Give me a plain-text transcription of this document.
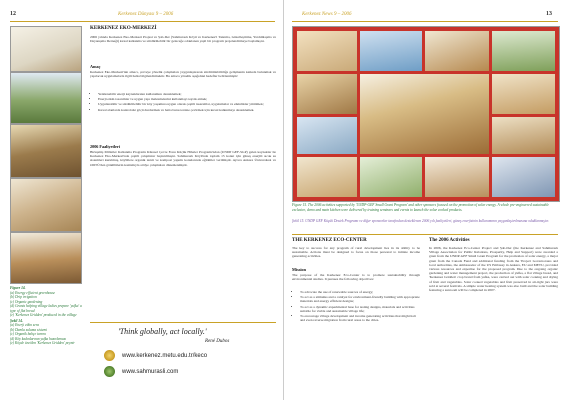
12	Kerkenez Dünyası 9 – 2006
Figure 14.
(a) Energy efficient greenhouse
(b) Drip irrigation
(c) Organic gardening
(d) Grants helping village ladies prepare 'yufka' a type of flat bread
(e) 'Kerkenez Gridden' produced in the village
Şekil 14.
(a) Enerji etkin sera
(b) Damla sulama sistemi
(c) Organik bahçe tarımı
(d) Köy kadınlarının yufka hazırlaması
(e) Köyde üretilen 'Kerkenez Gridden' peynir
KERKENEZ EKO-MERKEZİ
2006 yılında Kerkenez Eko-Merkezi Projesi ve Şab-Der (Sahmuraslı Köyü ve Kerkenez'i Tanıtma, Güzelleştirme, Yardımlaşma ve Dayanışma Derneği) kırsal kalkınma ve sürdürülebilir bir geleceğe odaklanan yeşil bir program projelendirmeye başlamıştır.
Amaç
Kerkenez Eko-Merkezi'nin amacı, çevreye yönelik çalışmaları yaygınlaştırarak sürdürülebilirliğe gelişmenin katkıda bulunmak ve yapılacak uygulamalarla ilgili halkı bilgilendirmektir. Bu amaca yönelik aşağıdaki hedefler belirlenmiştir:
• Yenilenebilir enerji kaynaklarının kullanımını desteklemek;
• Enerji etkin tasarımlar ve uygun yapı malzemelerini kullanmayı teşvik etmek;
• Uygulanabilir ve sürdürülebilir bir köy yaşamına uygun olarak çeşitli tasarımlar, uygulamalar ve etkinlikler yürütmek;
• Kırsal alanlarda kontrolsüz göçü durdurmak ve hatta bunu tersine çevirmek için kırsal kalkınmayı desteklemek.
2006 Faaliyetleri
Birleşmiş Milletler Kalkınma Programı Küresel Çevre Fonu Küçük Hibeler Programı'ndan (UNDP GEF-SGP) gelen kaynaklar ile Kerkenez Eko-Merkezi'nde çeşitli çalışmalar başlatılmıştır. Sahmuraslı Köyü'nde toplam 15 konut için güneş enerjili sıcak su sistemleri kurulmuş, köylülere organik tarım ve kompost yapımı konularında eğitimler verilmiştir. Ayrıca Ankara Üniversitesi ve ODTÜ'den gönüllülerin katılımıyla atölye çalışmaları düzenlenmiştir.
'Think globally, act locally.'
René Dubos
www.kerkenez.metu.edu.tr/keco
www.sahmurasli.com
Kerkenez News 9 – 2006	13
Figure 15. The 2006 activities supported by 'UNDP-GEF Small Grant Program' and other sponsors focused on the promotion of solar energy. A whole pre-engineered sustainable exclusive, demo and main kitchen were delivered by training seminars and events to launch the solar cooked products.
Şekil 15. UNDP GEF Küçük Destek Programı ve diğer sponsorlar tarafından desteklenen 2006 yılı faaliyetleri, güneş enerjisinin kullanımının yaygınlaştırılmasına odaklanmıştır.
THE KERKENEZ ECO-CENTER
The key to success for any program of rural development lies in its ability to be sustainable. Actions must be designed to focus on those personal to initiate income generating activities.
Mission
The purpose of the Kerkenez Eco-Center is to promote sustainability through environmental studies. It pursues the following objectives:
• To advocate the use of renewable sources of energy;
• To act as a stimulus and a catalyst for environment-friendly building with appropriate materials and energy efficient designs;
• To act as a dynamic experimental base for testing designs, materials and activities suitable for viable and sustainable village life;
• To encourage village development and income generating activities that might halt and even reverse migration from rural areas to the cities.
The 2006 Activities
In 2006, the Kerkenez Eco-Center Project and Şab-Der (the Kerkenez and Sahmuraslı Village Association for Public Relations, Prosperity, Help and Support) were awarded a grant from the UNDP-GEF Small Grant Program for the promotion of solar energy, a major grant from the Canada Fund and additional funding from the 'Project Governorates and local authorities, the Ambassador of the US Embassy in Ankara, EU and METU, provided various resources and expertise for the proposed program. Due to the ongoing organic gardening and water management project, the production of yufka, a flat village bread, and 'Kerkenez Gridden' crop brand from yufka, were carried out with solar cooking and drying of fruit and vegetables. Solar cooked vegetables and fruit preserved in air-tight jars were sold at several festivals. A simple water heating system was also built and the solar building featuring a sunroom will be completed in 2007.
